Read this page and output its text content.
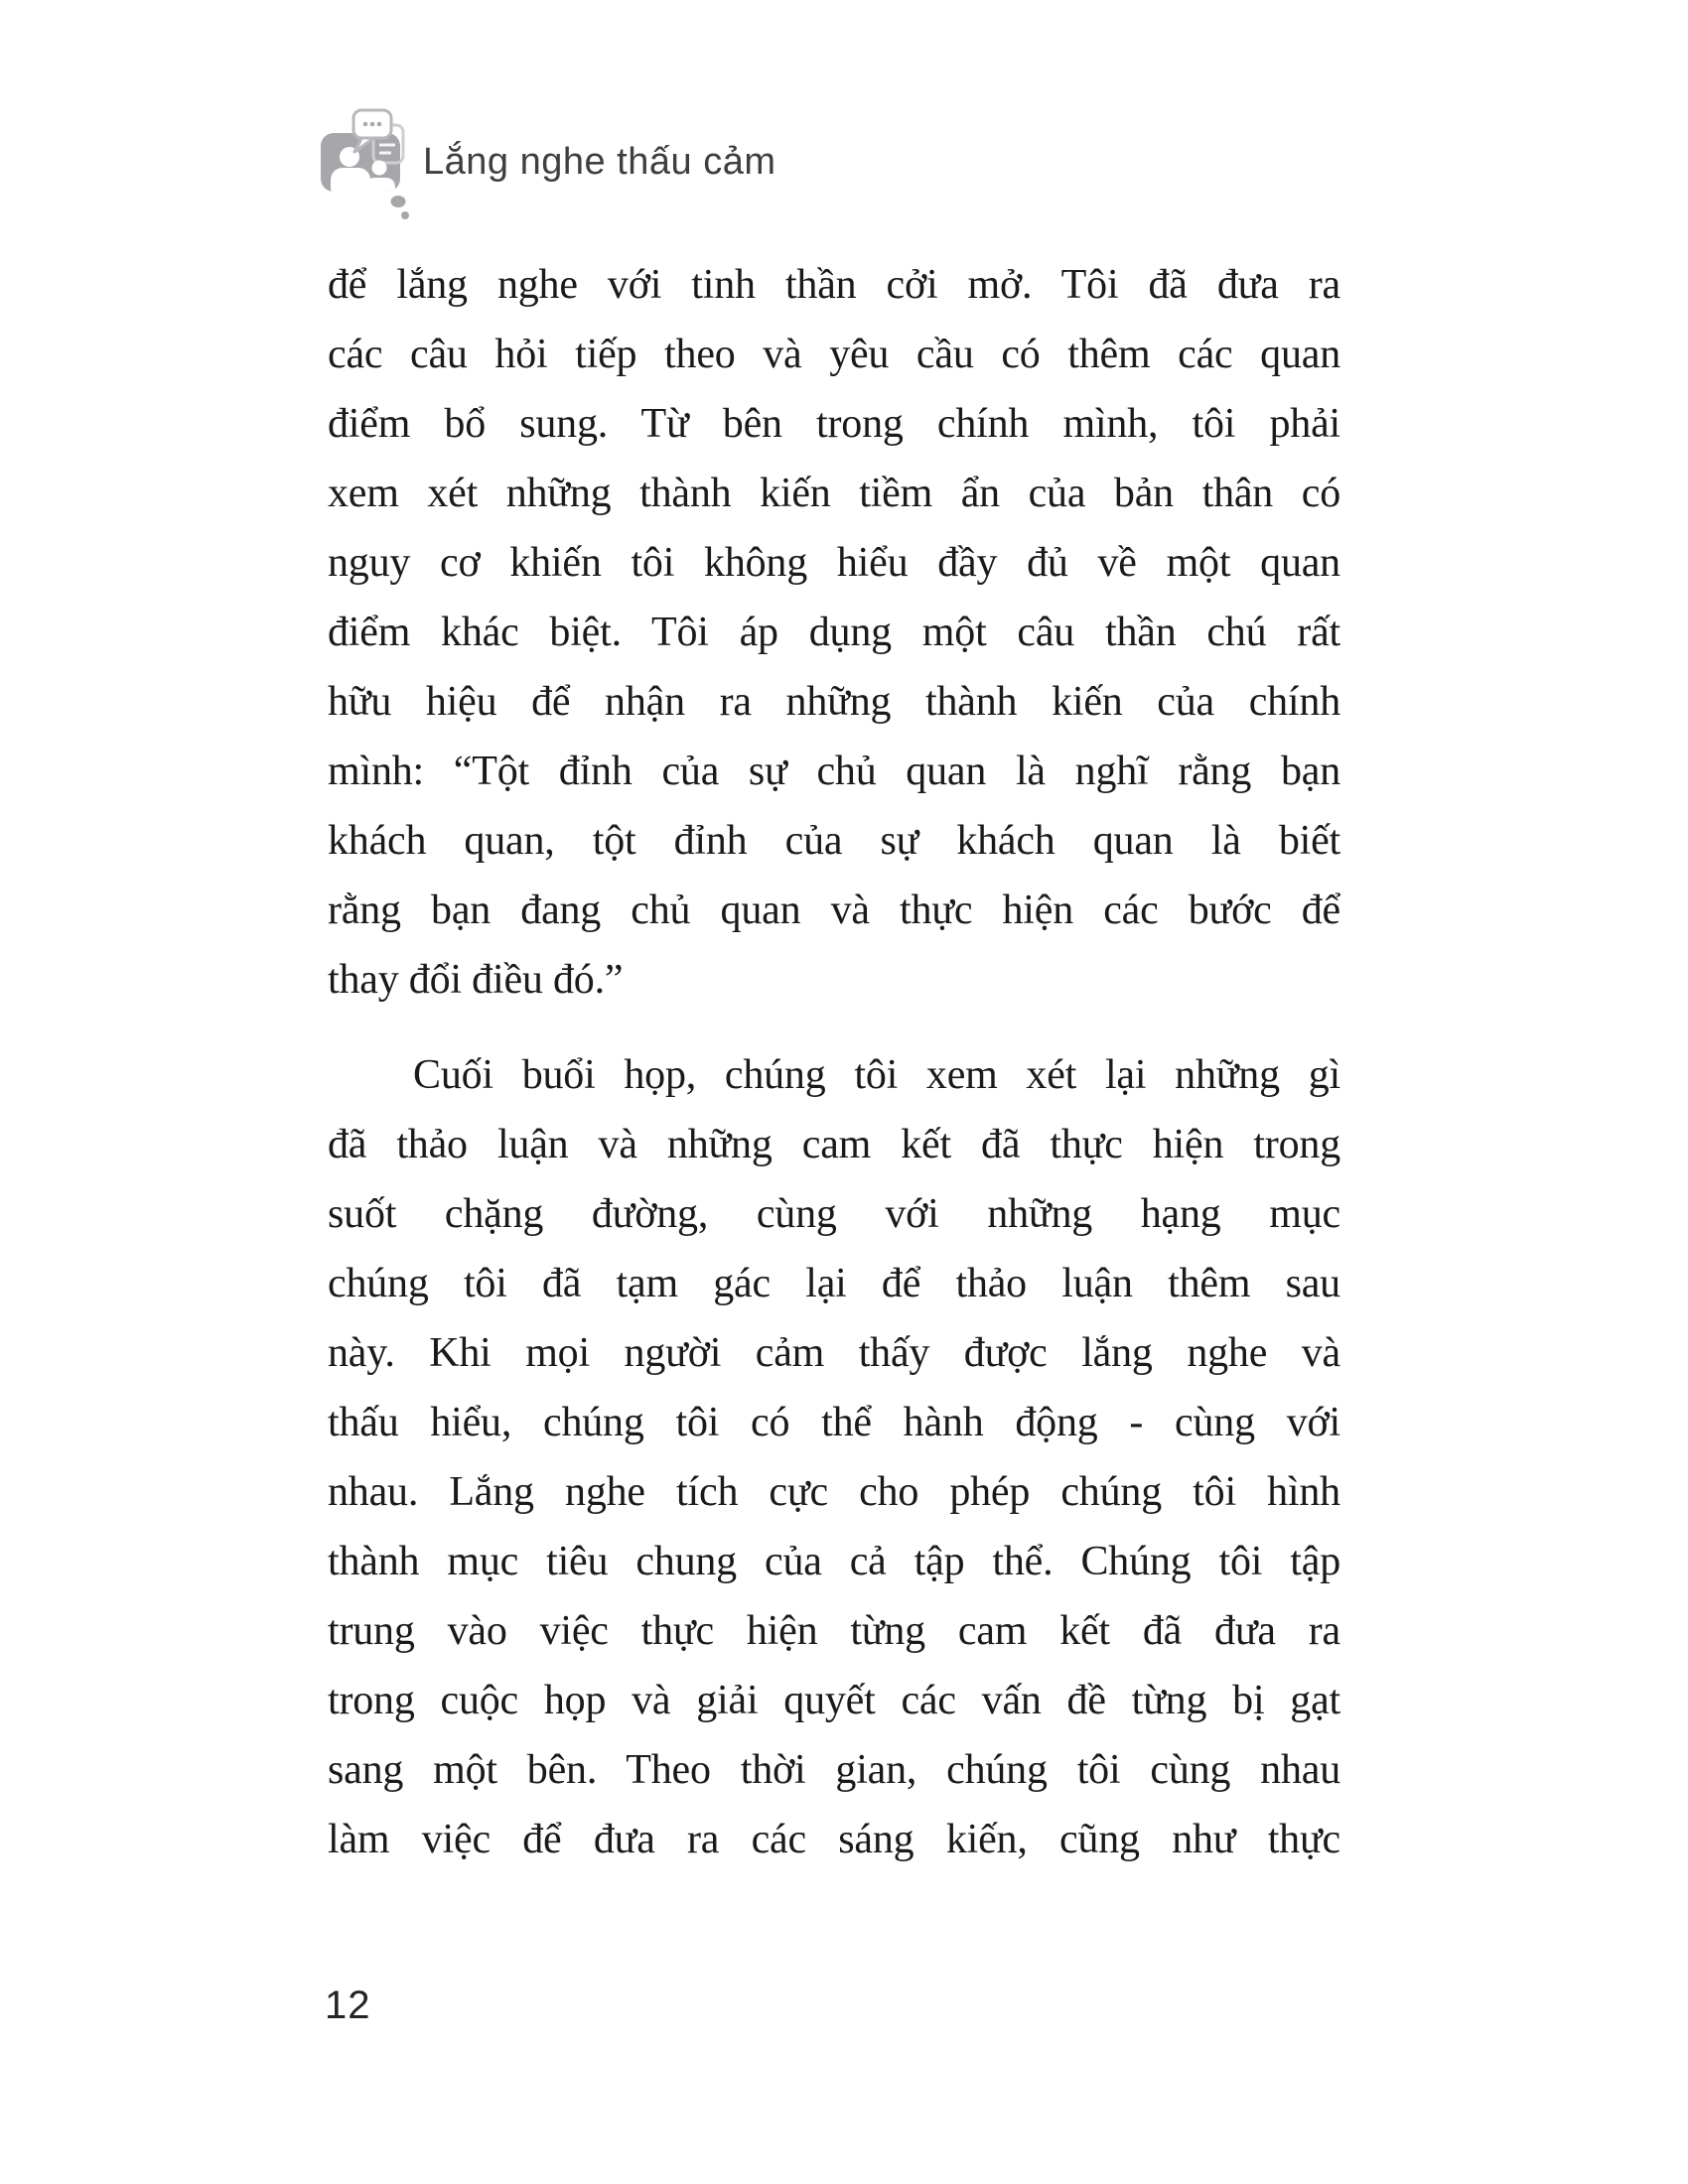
Lắng nghe thấu cảm
để lắng nghe với tinh thần cởi mở. Tôi đã đưa ra
các câu hỏi tiếp theo và yêu cầu có thêm các quan
điểm bổ sung. Từ bên trong chính mình, tôi phải
xem xét những thành kiến tiềm ẩn của bản thân có
nguy cơ khiến tôi không hiểu đầy đủ về một quan
điểm khác biệt. Tôi áp dụng một câu thần chú rất
hữu hiệu để nhận ra những thành kiến của chính
mình: “Tột đỉnh của sự chủ quan là nghĩ rằng bạn
khách quan, tột đỉnh của sự khách quan là biết
rằng bạn đang chủ quan và thực hiện các bước để
thay đổi điều đó.”
Cuối buổi họp, chúng tôi xem xét lại những gì
đã thảo luận và những cam kết đã thực hiện trong
suốt chặng đường, cùng với những hạng mục
chúng tôi đã tạm gác lại để thảo luận thêm sau
này. Khi mọi người cảm thấy được lắng nghe và
thấu hiểu, chúng tôi có thể hành động - cùng với
nhau. Lắng nghe tích cực cho phép chúng tôi hình
thành mục tiêu chung của cả tập thể. Chúng tôi tập
trung vào việc thực hiện từng cam kết đã đưa ra
trong cuộc họp và giải quyết các vấn đề từng bị gạt
sang một bên. Theo thời gian, chúng tôi cùng nhau
làm việc để đưa ra các sáng kiến, cũng như thực
12
